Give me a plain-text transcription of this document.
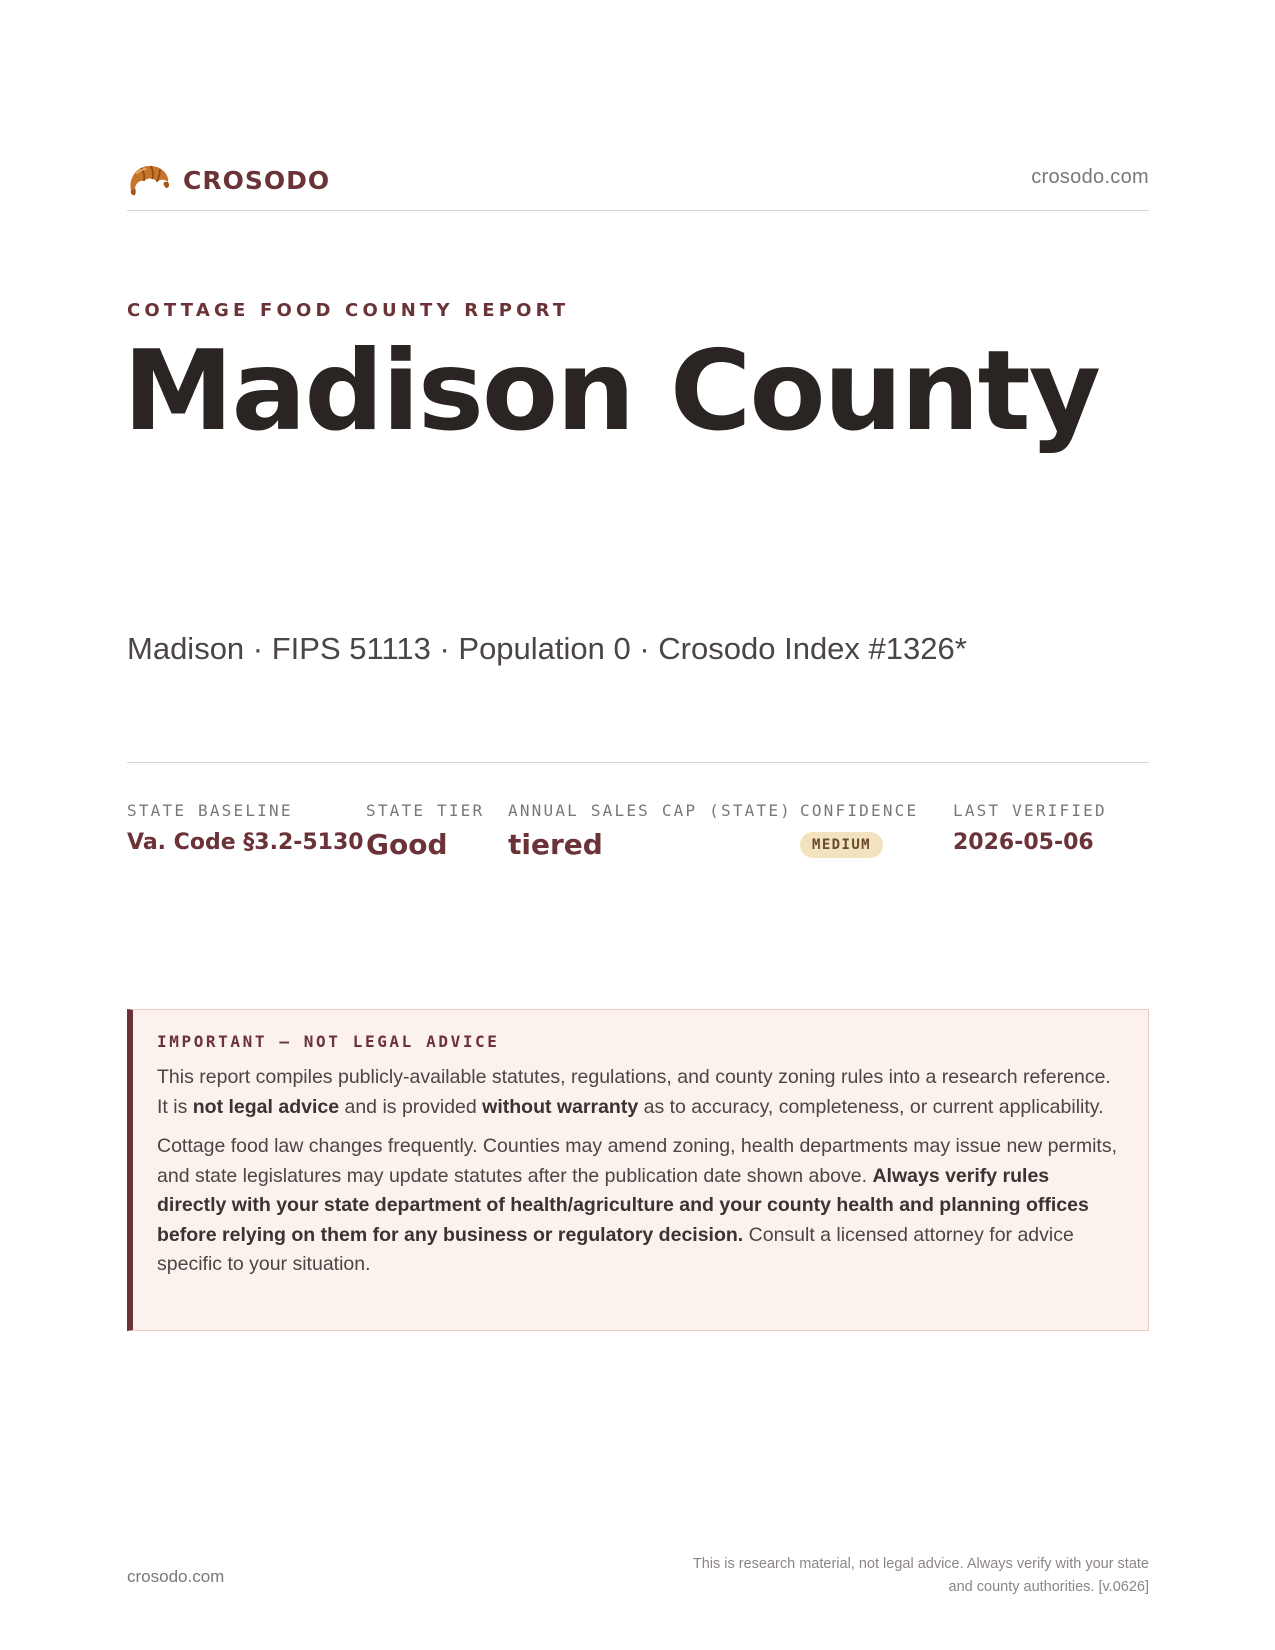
CROSODO	crosodo.com
COTTAGE FOOD COUNTY REPORT
Madison County
Madison · FIPS 51113 · Population 0 · Crosodo Index #1326*
STATE BASELINE
Va. Code §3.2-5130
STATE TIER
Good
ANNUAL SALES CAP (STATE)
tiered
CONFIDENCE
MEDIUM
LAST VERIFIED
2026-05-06
IMPORTANT — NOT LEGAL ADVICE

This report compiles publicly-available statutes, regulations, and county zoning rules into a research reference. It is not legal advice and is provided without warranty as to accuracy, completeness, or current applicability.

Cottage food law changes frequently. Counties may amend zoning, health departments may issue new permits, and state legislatures may update statutes after the publication date shown above. Always verify rules directly with your state department of health/agriculture and your county health and planning offices before relying on them for any business or regulatory decision. Consult a licensed attorney for advice specific to your situation.

crosodo.com
This is research material, not legal advice. Always verify with your state
and county authorities. [v.0626]
